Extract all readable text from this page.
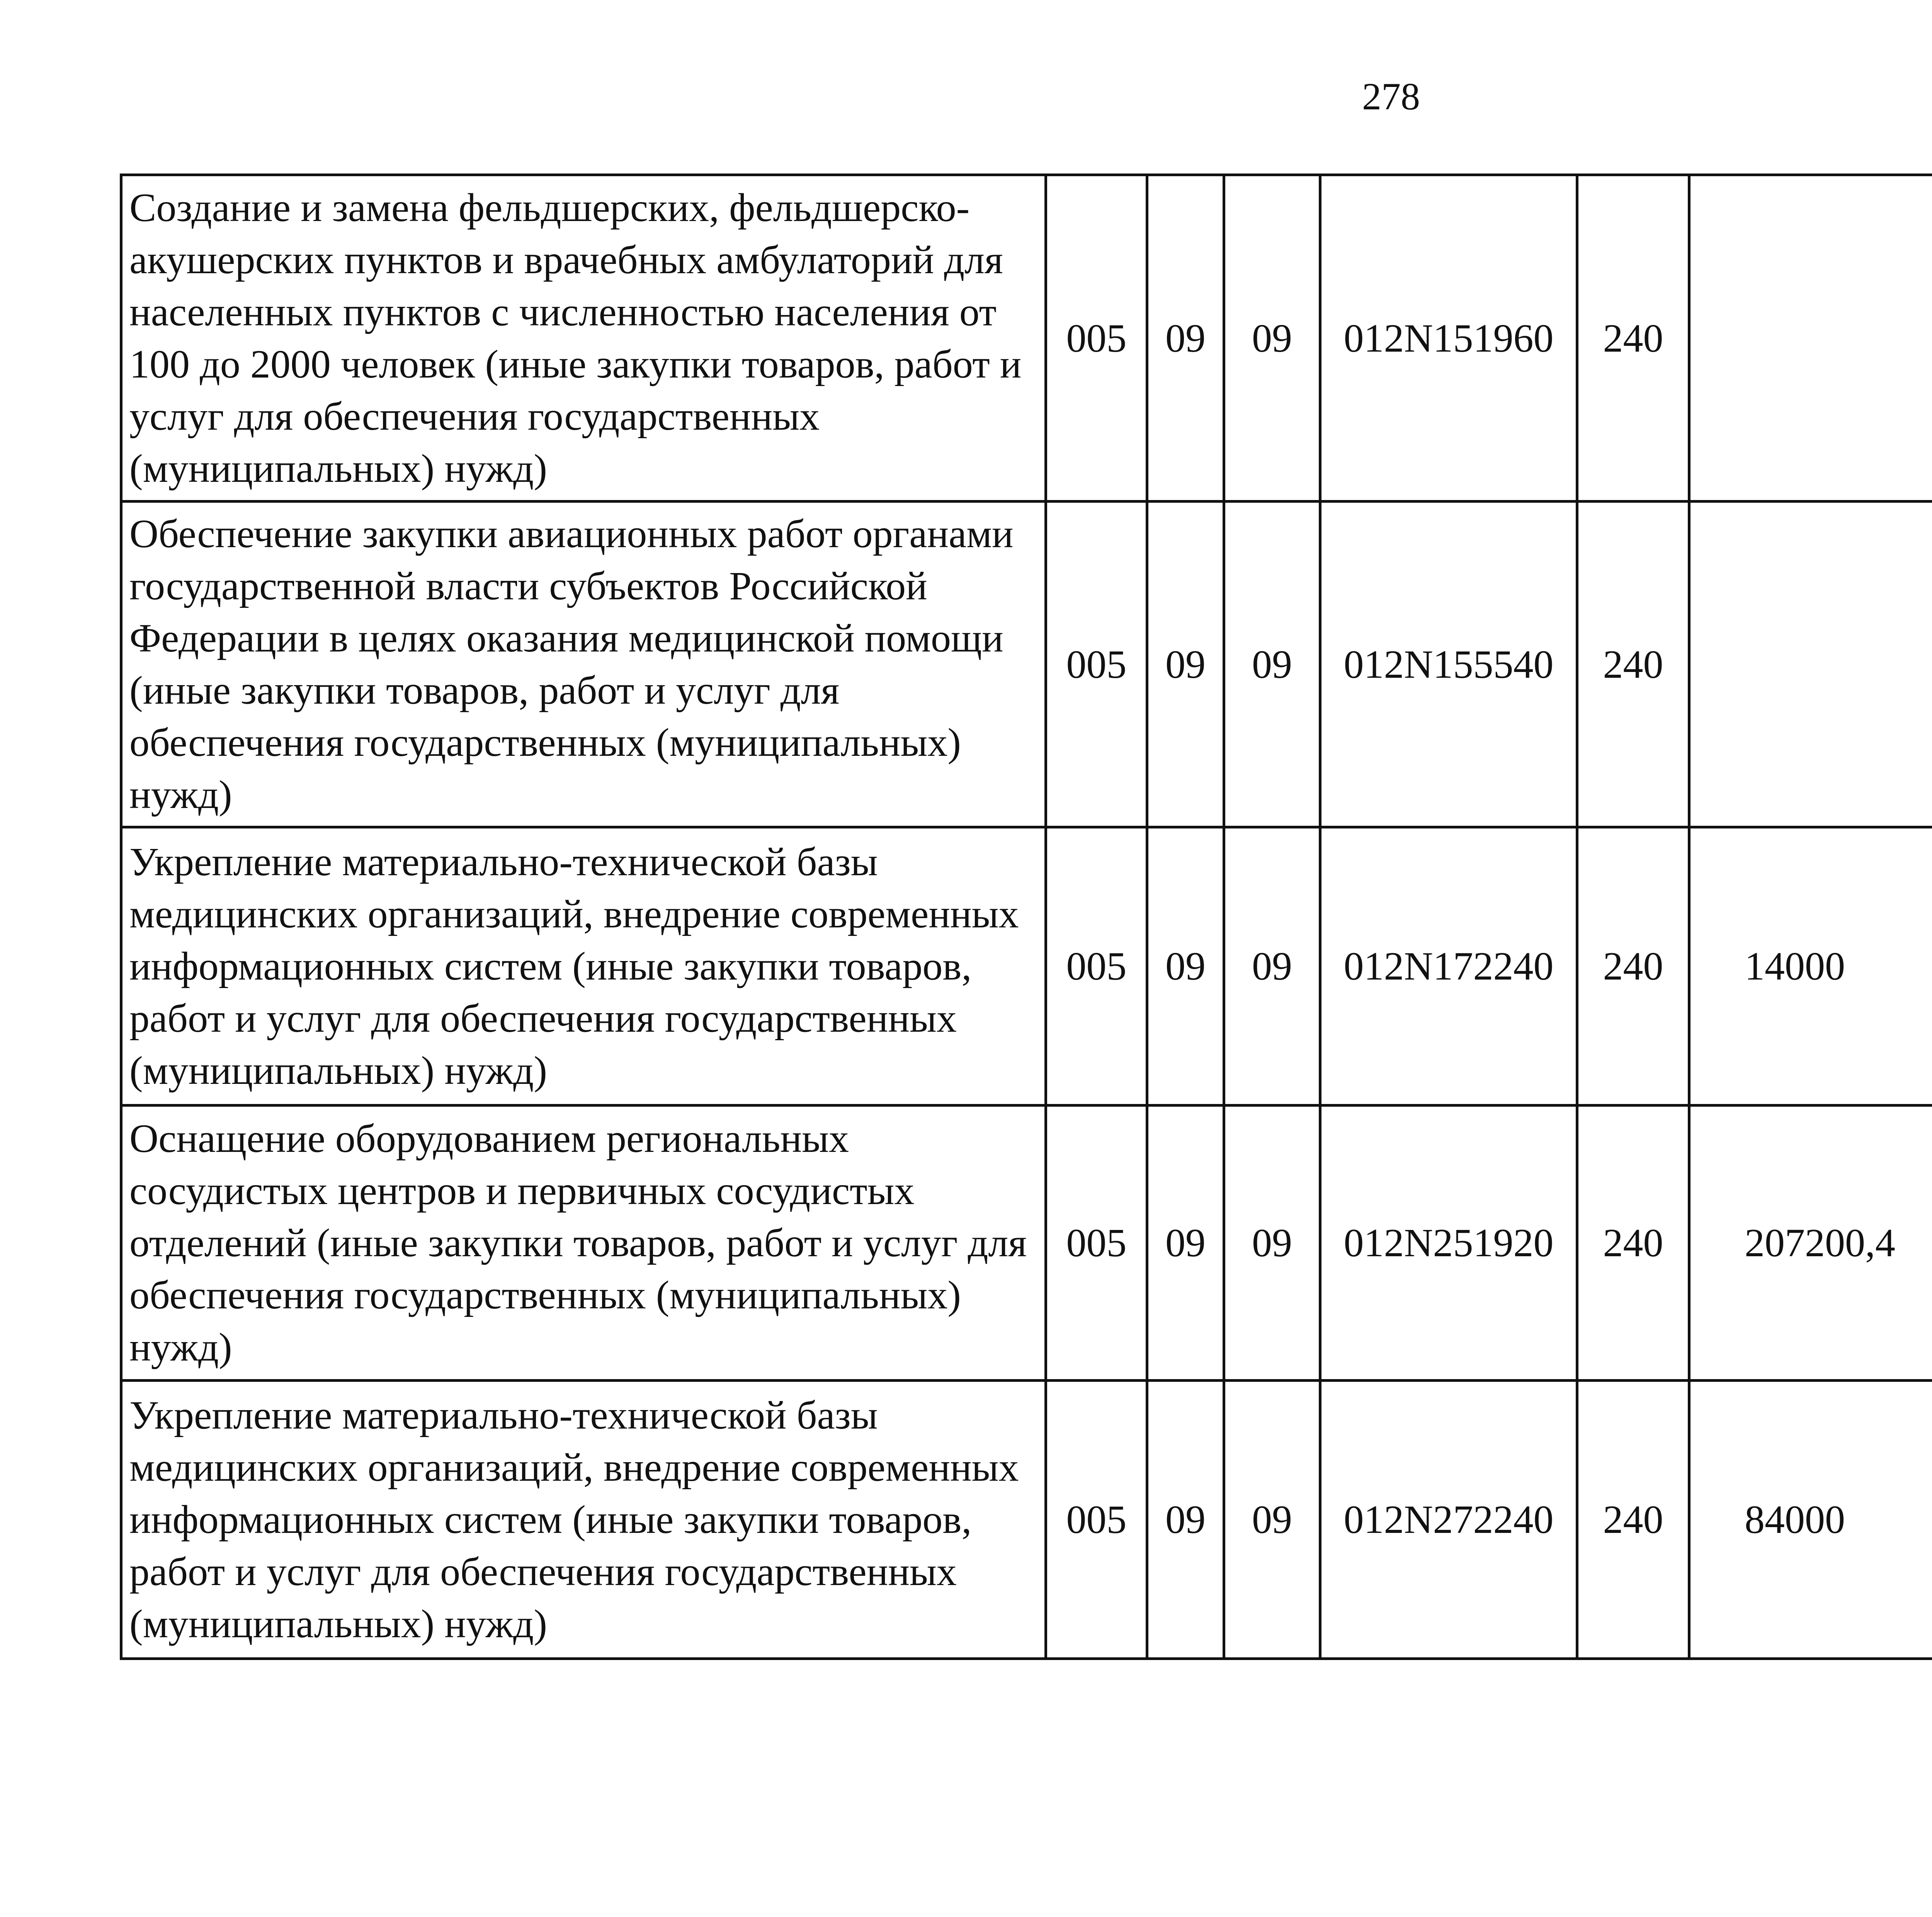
278
Создание и замена фельдшерских, фельдшерско-акушерских пунктов и врачебных амбулаторий для населенных пунктов с численностью населения от 100 до 2000 человек (иные закупки товаров, работ и услуг для обеспечения государственных (муниципальных) нужд)	005	09	09	012N151960	240			
Обеспечение закупки авиационных работ органами государственной власти субъектов Российской Федерации в целях оказания медицинской помощи (иные закупки товаров, работ и услуг для обеспечения государственных (муниципальных) нужд)	005	09	09	012N155540	240			
Укрепление материально-технической базы медицинских организаций, внедрение современных информационных систем (иные закупки товаров, работ и услуг для обеспечения государственных (муниципальных) нужд)	005	09	09	012N172240	240	14000		
Оснащение оборудованием региональных сосудистых центров и первичных сосудистых отделений (иные закупки товаров, работ и услуг для обеспечения государственных (муниципальных) нужд)	005	09	09	012N251920	240	207200,4		
Укрепление материально-технической базы медицинских организаций, внедрение современных информационных систем (иные закупки товаров, работ и услуг для обеспечения государственных (муниципальных) нужд)	005	09	09	012N272240	240	84000		
